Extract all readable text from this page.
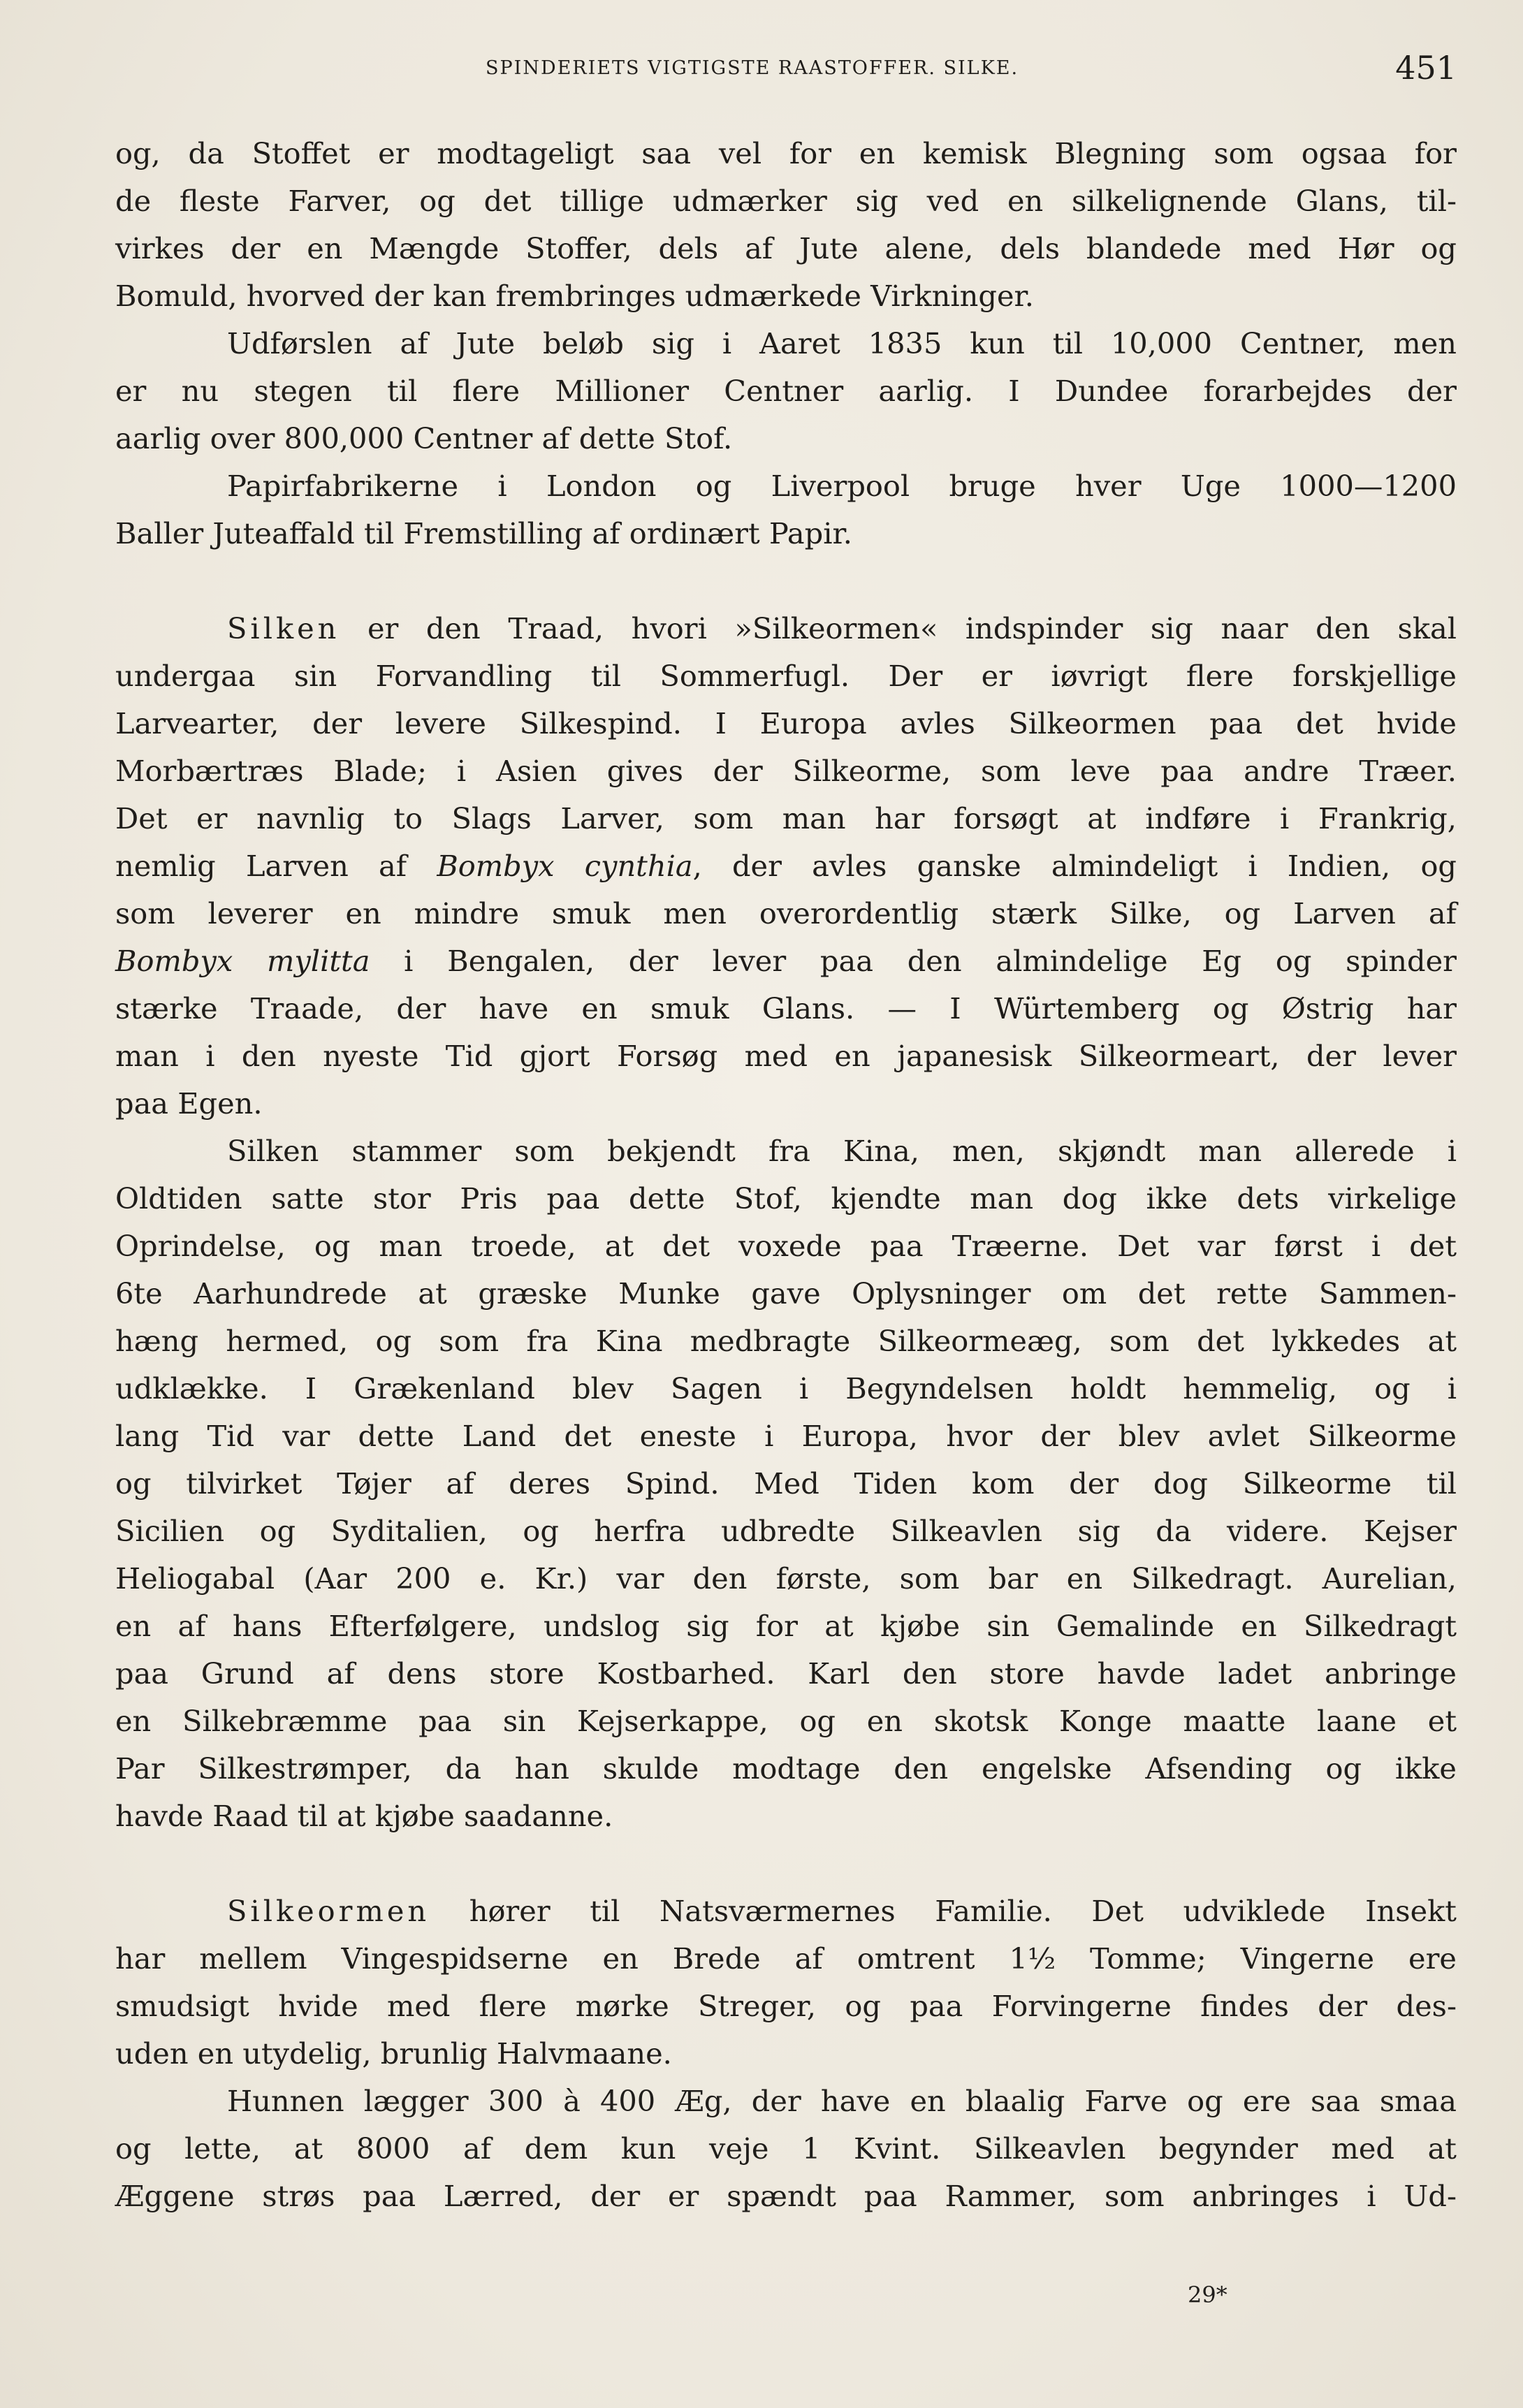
SPINDERIETS VIGTIGSTE RAASTOFFER. SILKE.	451
og, da Stoffet er modtageligt saa vel for en kemisk Blegning som ogsaa for
de fleste Farver, og det tillige udmærker sig ved en silkelignende Glans, til-
virkes der en Mængde Stoffer, dels af Jute alene, dels blandede med Hør og
Bomuld, hvorved der kan frembringes udmærkede Virkninger.
Udførslen af Jute beløb sig i Aaret 1835 kun til 10,000 Centner, men
er nu stegen til flere Millioner Centner aarlig. I Dundee forarbejdes der
aarlig over 800,000 Centner af dette Stof.
Papirfabrikerne i London og Liverpool bruge hver Uge 1000—1200
Baller Juteaffald til Fremstilling af ordinært Papir.
Silken er den Traad, hvori »Silkeormen« indspinder sig naar den skal
undergaa sin Forvandling til Sommerfugl. Der er iøvrigt flere forskjellige
Larvearter, der levere Silkespind. I Europa avles Silkeormen paa det hvide
Morbærtræs Blade; i Asien gives der Silkeorme, som leve paa andre Træer.
Det er navnlig to Slags Larver, som man har forsøgt at indføre i Frankrig,
nemlig Larven af Bombyx cynthia, der avles ganske almindeligt i Indien, og
som leverer en mindre smuk men overordentlig stærk Silke, og Larven af
Bombyx mylitta i Bengalen, der lever paa den almindelige Eg og spinder
stærke Traade, der have en smuk Glans. — I Würtemberg og Østrig har
man i den nyeste Tid gjort Forsøg med en japanesisk Silkeormeart, der lever
paa Egen.
Silken stammer som bekjendt fra Kina, men, skjøndt man allerede i
Oldtiden satte stor Pris paa dette Stof, kjendte man dog ikke dets virkelige
Oprindelse, og man troede, at det voxede paa Træerne. Det var først i det
6te Aarhundrede at græske Munke gave Oplysninger om det rette Sammen-
hæng hermed, og som fra Kina medbragte Silkeormeæg, som det lykkedes at
udklække. I Grækenland blev Sagen i Begyndelsen holdt hemmelig, og i
lang Tid var dette Land det eneste i Europa, hvor der blev avlet Silkeorme
og tilvirket Tøjer af deres Spind. Med Tiden kom der dog Silkeorme til
Sicilien og Syditalien, og herfra udbredte Silkeavlen sig da videre. Kejser
Heliogabal (Aar 200 e. Kr.) var den første, som bar en Silkedragt. Aurelian,
en af hans Efterfølgere, undslog sig for at kjøbe sin Gemalinde en Silkedragt
paa Grund af dens store Kostbarhed. Karl den store havde ladet anbringe
en Silkebræmme paa sin Kejserkappe, og en skotsk Konge maatte laane et
Par Silkestrømper, da han skulde modtage den engelske Afsending og ikke
havde Raad til at kjøbe saadanne.
Silkeormen hører til Natsværmernes Familie. Det udviklede Insekt
har mellem Vingespidserne en Brede af omtrent 1½ Tomme; Vingerne ere
smudsigt hvide med flere mørke Streger, og paa Forvingerne findes der des-
uden en utydelig, brunlig Halvmaane.
Hunnen lægger 300 à 400 Æg, der have en blaalig Farve og ere saa smaa
og lette, at 8000 af dem kun veje 1 Kvint. Silkeavlen begynder med at
Æggene strøs paa Lærred, der er spændt paa Rammer, som anbringes i Ud-
29*
